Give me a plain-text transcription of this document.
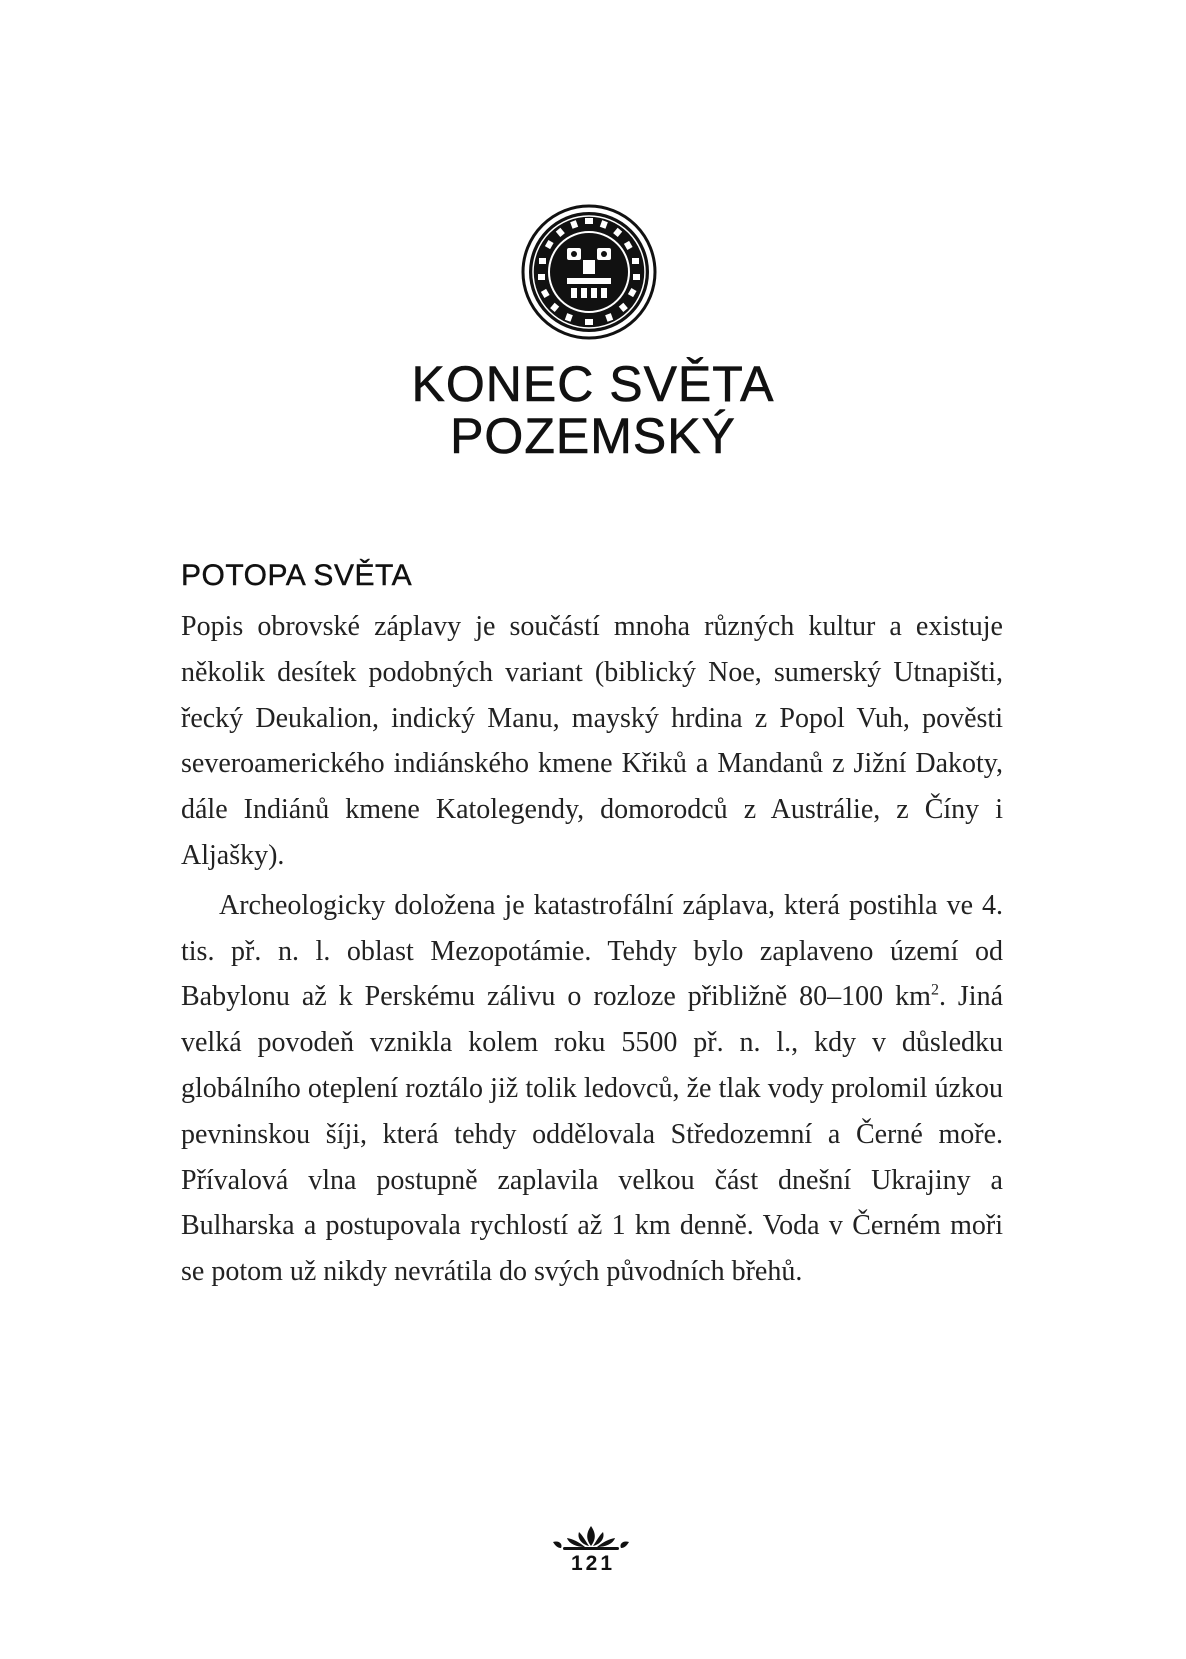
KONEC SVĚTA
POZEMSKÝ
POTOPA SVĚTA

Popis obrovské záplavy je součástí mnoha různých kultur a existuje několik desítek podobných variant (biblický Noe, sumerský Utnapišti, řecký Deukalion, indický Manu, mayský hrdina z Popol Vuh, pověsti severoamerického indiánského kmene Křiků a Mandanů z Jižní Dakoty, dále Indiánů kmene Katolegendy, domorodců z Austrálie, z Číny i Aljašky).

Archeologicky doložena je katastrofální záplava, která postihla ve 4. tis. př. n. l. oblast Mezopotámie. Tehdy bylo zaplaveno území od Babylonu až k Perskému zálivu o rozloze přibližně 80–100 $km^2$. Jiná velká povodeň vznikla kolem roku 5500 př. n. l., kdy v důsledku globálního oteplení roztálo již tolik ledovců, že tlak vody prolomil úzkou pevninskou šíji, která tehdy oddělovala Středozemní a Černé moře. Přívalová vlna postupně zaplavila velkou část dnešní Ukrajiny a Bulharska a postupovala rychlostí až 1 km denně. Voda v Černém moři se potom už nikdy nevrátila do svých původních břehů.

121
